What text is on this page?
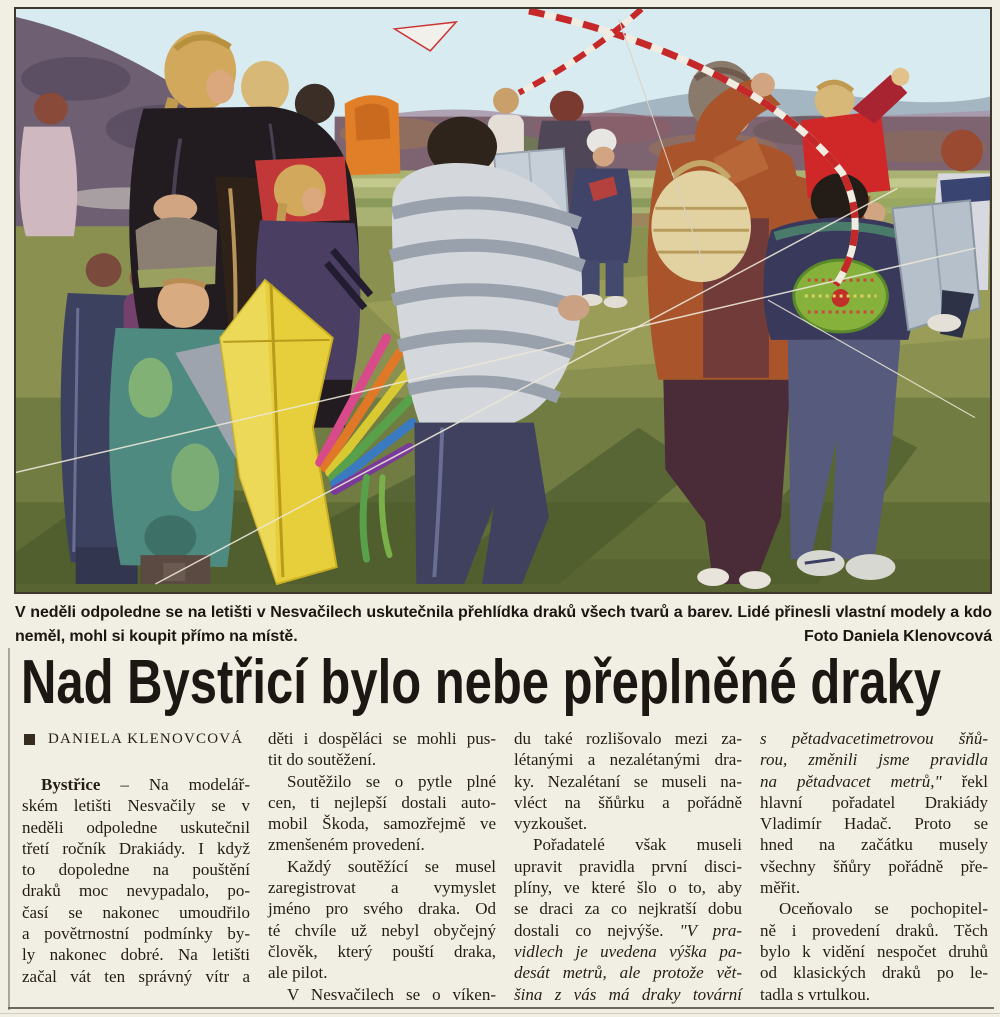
V neděli odpoledne se na letišti v Nesvačilech uskutečnila přehlídka draků všech tvarů a barev. Lidé přinesli vlastní modely a kdo
neměl, mohl si koupit přímo na místě.	Foto Daniela Klenovcová
Nad Bystřicí bylo nebe přeplněné draky
DANIELA KLENOVCOVÁ
Bystřice – Na modelář-
ském letišti Nesvačily se v
neděli odpoledne uskutečnil
třetí ročník Drakiády. I když
to dopoledne na pouštění
draků moc nevypadalo, po-
časí se nakonec umoudřilo
a povětrnostní podmínky by-
ly nakonec dobré. Na letišti
začal vát ten správný vítr a
děti i dospěláci se mohli pus-
tit do soutěžení.
Soutěžilo se o pytle plné
cen, ti nejlepší dostali auto-
mobil Škoda, samozřejmě ve
zmenšeném provedení.
Každý soutěžící se musel
zaregistrovat a vymyslet
jméno pro svého draka. Od
té chvíle už nebyl obyčejný
člověk, který pouští draka,
ale pilot.
V Nesvačilech se o víken-
du také rozlišovalo mezi za-
létanými a nezalétanými dra-
ky. Nezalétaní se museli na-
vléct na šňůrku a pořádně
vyzkoušet.
Pořadatelé však museli
upravit pravidla první disci-
plíny, ve které šlo o to, aby
se draci za co nejkratší dobu
dostali co nejvýše. "V pra-
vidlech je uvedena výška pa-
desát metrů, ale protože vět-
šina z vás má draky tovární
s pětadvacetimetrovou šňů-
rou, změnili jsme pravidla
na pětadvacet metrů," řekl
hlavní pořadatel Drakiády
Vladimír Hadač. Proto se
hned na začátku musely
všechny šňůry pořádně pře-
měřit.
Oceňovalo se pochopitel-
ně i provedení draků. Těch
bylo k vidění nespočet druhů
od klasických draků po le-
tadla s vrtulkou.
